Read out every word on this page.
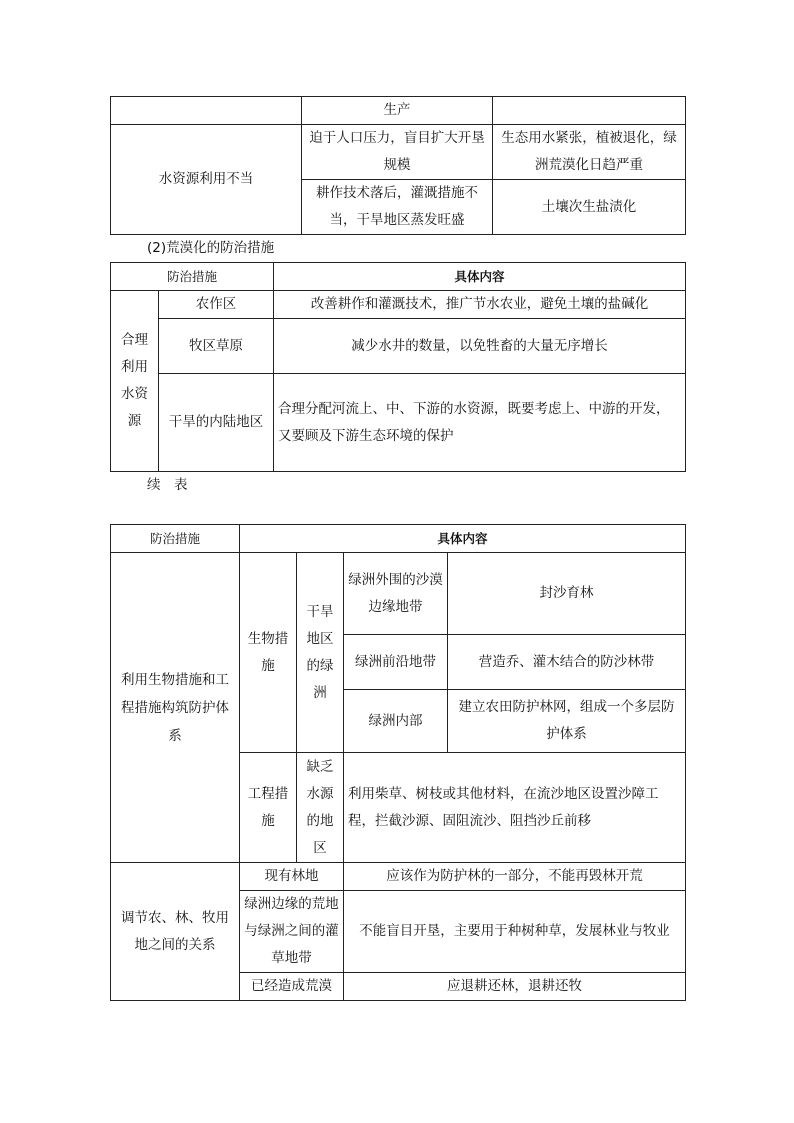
	生产	
水资源利用不当	迫于人口压力，盲目扩大开垦规模	生态用水紧张，植被退化，绿洲荒漠化日趋严重
	耕作技术落后，灌溉措施不当，干旱地区蒸发旺盛	土壤次生盐渍化
(2)荒漠化的防治措施
防治措施		具体内容
合理利用水资源	农作区	改善耕作和灌溉技术，推广节水农业，避免土壤的盐碱化
	牧区草原	减少水井的数量，以免牲畜的大量无序增长
	干旱的内陆地区	合理分配河流上、中、下游的水资源，既要考虑上、中游的开发，又要顾及下游生态环境的保护
续　表
防治措施	具体内容			
利用生物措施和工程措施构筑防护体系	生物措施	干旱地区的绿洲	绿洲外围的沙漠边缘地带	封沙育林
			绿洲前沿地带	营造乔、灌木结合的防沙林带
			绿洲内部	建立农田防护林网，组成一个多层防护体系
	工程措施	缺乏水源的地区	利用柴草、树枝或其他材料，在流沙地区设置沙障工程，拦截沙源、固阻流沙、阻挡沙丘前移	
调节农、林、牧用地之间的关系	现有林地		应该作为防护林的一部分，不能再毁林开荒	
	绿洲边缘的荒地与绿洲之间的灌草地带		不能盲目开垦，主要用于种树种草，发展林业与牧业	
	已经造成荒漠		应退耕还林，退耕还牧	
